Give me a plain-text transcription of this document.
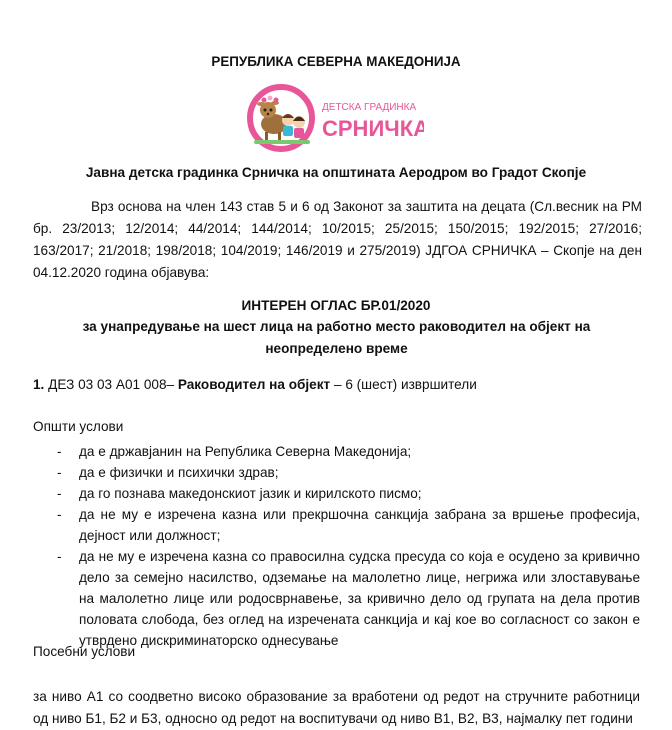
РЕПУБЛИКА СЕВЕРНА МАКЕДОНИЈА
ДЕТСКА ГРАДИНКА
СРНИЧКА
Јавна детска градинка Срничка на општината Аеродром во Градот Скопје
Врз основа на член 143 став 5 и 6 од Законот за заштита на децата (Сл.весник на РМ бр. 23/2013; 12/2014; 44/2014; 144/2014; 10/2015; 25/2015; 150/2015; 192/2015; 27/2016; 163/2017; 21/2018; 198/2018; 104/2019; 146/2019 и 275/2019) ЈДГОА СРНИЧКА – Скопје на ден 04.12.2020 година објавува:
ИНТЕРЕН ОГЛАС БР.01/2020
за унапредување на шест лица на работно место раководител на објект на неопределено време
1. ДЕЗ 03 03 А01 008– Раководител на објект – 6 (шест) извршители
Општи услови
- да е државјанин на Република Северна Македонија;
- да е физички и психички здрав;
- да го познава македонскиот јазик и кирилското писмо;
- да не му е изречена казна или прекршочна санкција забрана за вршење професија, дејност или должност;
- да не му е изречена казна со правосилна судска пресуда со која е осудено за кривично дело за семејно насилство, одземање на малолетно лице, негрижа или злоставување на малолетно лице или родосврнавење, за кривично дело од групата на дела против половата слобода, без оглед на изречената санкција и кај кое во согласност со закон е утврдено дискриминаторско однесување
Посебни услови
за ниво А1 со соодветно високо образование за вработени од редот на стручните работници од ниво Б1, Б2 и Б3, односно од редот на воспитувачи од ниво В1, В2, В3, најмалку пет години
